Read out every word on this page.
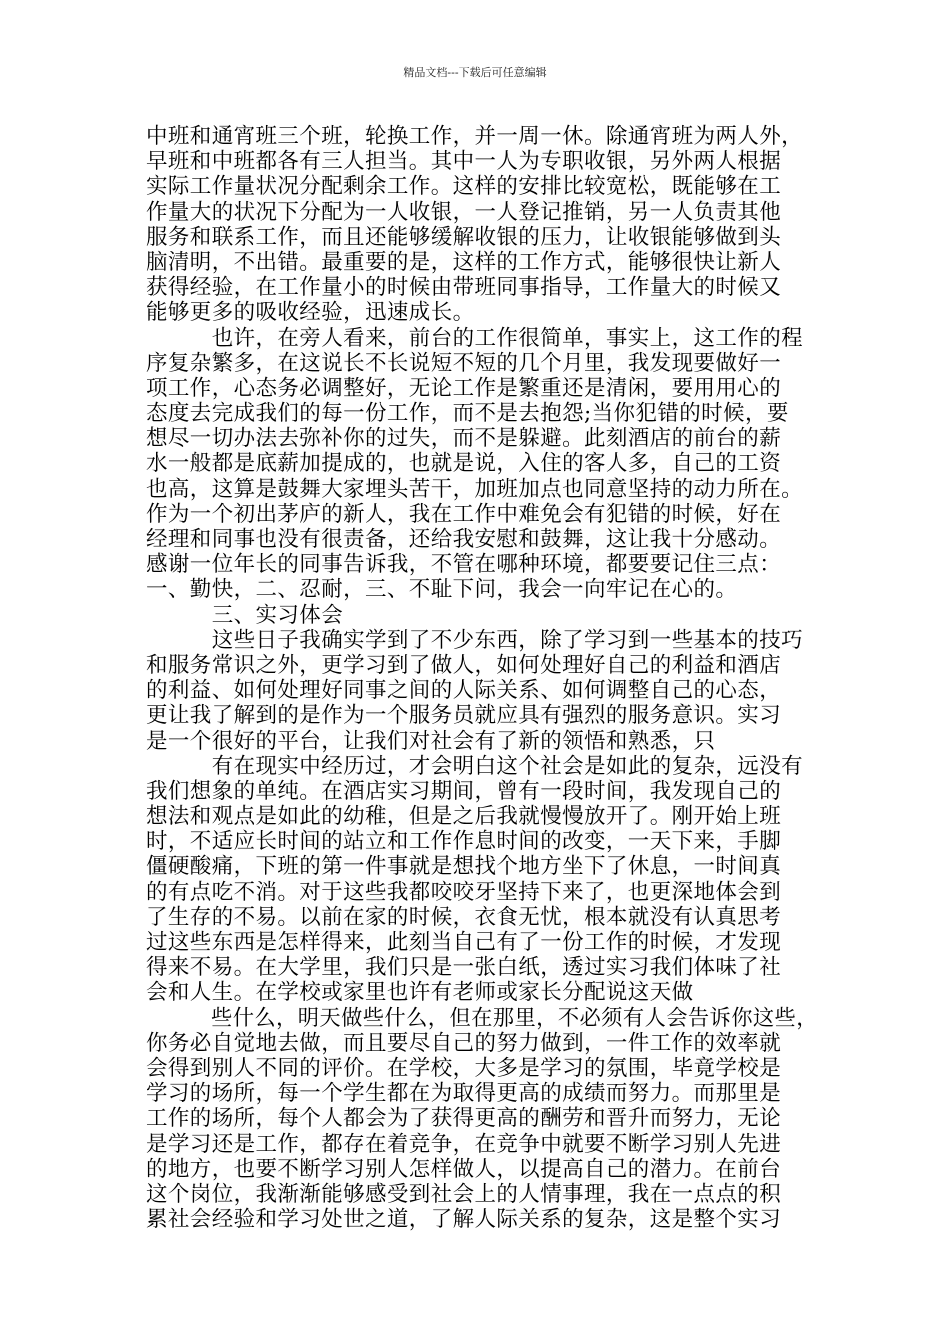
精品文档---下载后可任意编辑
中班和通宵班三个班，轮换工作，并一周一休。除通宵班为两人外，
早班和中班都各有三人担当。其中一人为专职收银，另外两人根据
实际工作量状况分配剩余工作。这样的安排比较宽松，既能够在工
作量大的状况下分配为一人收银，一人登记推销，另一人负责其他
服务和联系工作，而且还能够缓解收银的压力，让收银能够做到头
脑清明，不出错。最重要的是，这样的工作方式，能够很快让新人
获得经验，在工作量小的时候由带班同事指导，工作量大的时候又
能够更多的吸收经验，迅速成长。
　　　也许，在旁人看来，前台的工作很简单，事实上，这工作的程
序复杂繁多，在这说长不长说短不短的几个月里，我发现要做好一
项工作，心态务必调整好，无论工作是繁重还是清闲，要用用心的
态度去完成我们的每一份工作，而不是去抱怨;当你犯错的时候，要
想尽一切办法去弥补你的过失，而不是躲避。此刻酒店的前台的薪
水一般都是底薪加提成的，也就是说，入住的客人多，自己的工资
也高，这算是鼓舞大家埋头苦干，加班加点也同意坚持的动力所在。
作为一个初出茅庐的新人，我在工作中难免会有犯错的时候，好在
经理和同事也没有很责备，还给我安慰和鼓舞，这让我十分感动。
感谢一位年长的同事告诉我，不管在哪种环境，都要要记住三点：
一、勤快，二、忍耐，三、不耻下问，我会一向牢记在心的。
　　　三、实习体会
　　　这些日子我确实学到了不少东西，除了学习到一些基本的技巧
和服务常识之外，更学习到了做人，如何处理好自己的利益和酒店
的利益、如何处理好同事之间的人际关系、如何调整自己的心态，
更让我了解到的是作为一个服务员就应具有强烈的服务意识。实习
是一个很好的平台，让我们对社会有了新的领悟和熟悉，只
　　　有在现实中经历过，才会明白这个社会是如此的复杂，远没有
我们想象的单纯。在酒店实习期间，曾有一段时间，我发现自己的
想法和观点是如此的幼稚，但是之后我就慢慢放开了。刚开始上班
时，不适应长时间的站立和工作作息时间的改变，一天下来，手脚
僵硬酸痛，下班的第一件事就是想找个地方坐下了休息，一时间真
的有点吃不消。对于这些我都咬咬牙坚持下来了，也更深地体会到
了生存的不易。以前在家的时候，衣食无忧，根本就没有认真思考
过这些东西是怎样得来，此刻当自己有了一份工作的时候，才发现
得来不易。在大学里，我们只是一张白纸，透过实习我们体味了社
会和人生。在学校或家里也许有老师或家长分配说这天做
　　　些什么，明天做些什么，但在那里，不必须有人会告诉你这些，
你务必自觉地去做，而且要尽自己的努力做到，一件工作的效率就
会得到别人不同的评价。在学校，大多是学习的氛围，毕竟学校是
学习的场所，每一个学生都在为取得更高的成绩而努力。而那里是
工作的场所，每个人都会为了获得更高的酬劳和晋升而努力，无论
是学习还是工作，都存在着竞争，在竞争中就要不断学习别人先进
的地方，也要不断学习别人怎样做人，以提高自己的潜力。在前台
这个岗位，我渐渐能够感受到社会上的人情事理，我在一点点的积
累社会经验和学习处世之道，了解人际关系的复杂，这是整个实习
